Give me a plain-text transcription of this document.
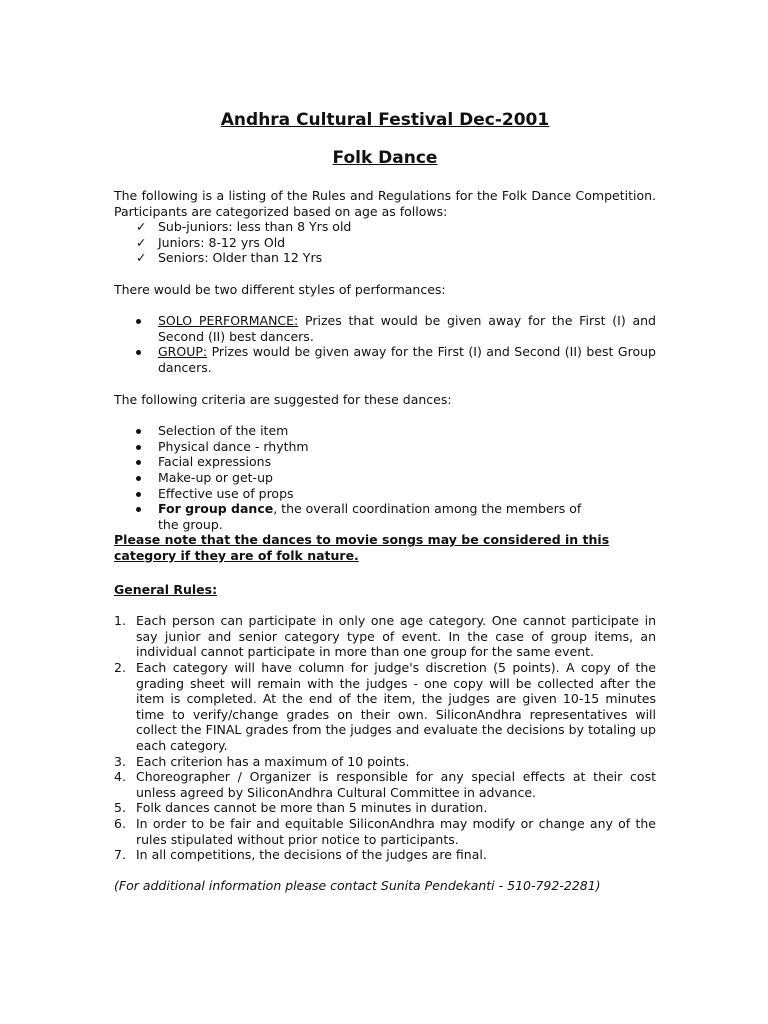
Andhra Cultural Festival Dec-2001
Folk Dance

The following is a listing of the Rules and Regulations for the Folk Dance Competition. Participants are categorized based on age as follows:

✓ Sub-juniors: less than 8 Yrs old
✓ Juniors: 8-12 yrs Old
✓ Seniors: Older than 12 Yrs

There would be two different styles of performances:

SOLO PERFORMANCE: Prizes that would be given away for the First (I) and Second (II) best dancers.
GROUP: Prizes would be given away for the First (I) and Second (II) best Group dancers.

The following criteria are suggested for these dances:

Selection of the item
Physical dance - rhythm
Facial expressions
Make-up or get-up
Effective use of props
For group dance, the overall coordination among the members of the group.

Please note that the dances to movie songs may be considered in this category if they are of folk nature.

General Rules:

1. Each person can participate in only one age category. One cannot participate in say junior and senior category type of event. In the case of group items, an individual cannot participate in more than one group for the same event.
2. Each category will have column for judge's discretion (5 points). A copy of the grading sheet will remain with the judges - one copy will be collected after the item is completed. At the end of the item, the judges are given 10-15 minutes time to verify/change grades on their own. SiliconAndhra representatives will collect the FINAL grades from the judges and evaluate the decisions by totaling up each category.
3. Each criterion has a maximum of 10 points.
4. Choreographer / Organizer is responsible for any special effects at their cost unless agreed by SiliconAndhra Cultural Committee in advance.
5. Folk dances cannot be more than 5 minutes in duration.
6. In order to be fair and equitable SiliconAndhra may modify or change any of the rules stipulated without prior notice to participants.
7. In all competitions, the decisions of the judges are final.

(For additional information please contact Sunita Pendekanti - 510-792-2281)
